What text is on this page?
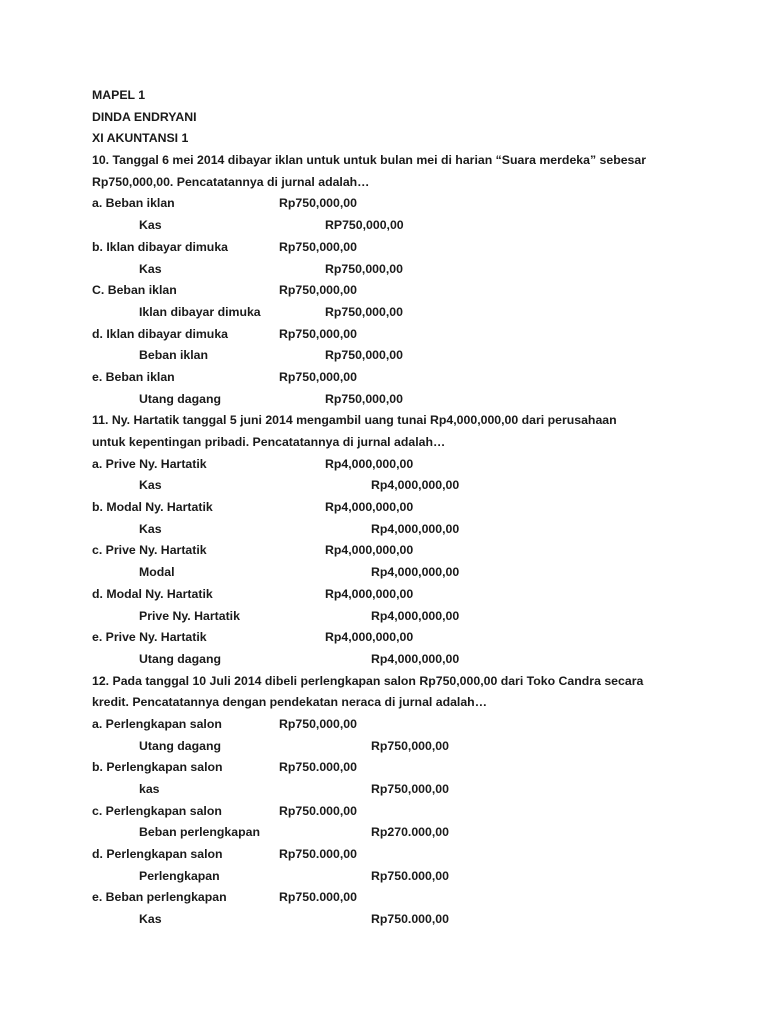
MAPEL 1
DINDA ENDRYANI
XI AKUNTANSI 1
10. Tanggal 6 mei 2014 dibayar iklan untuk untuk bulan mei di harian “Suara merdeka” sebesar
Rp750,000,00. Pencatatannya di jurnal adalah…
a. Beban iklan	Rp750,000,00
Kas	RP750,000,00
b. Iklan dibayar dimuka	Rp750,000,00
Kas	Rp750,000,00
C. Beban iklan	Rp750,000,00
Iklan dibayar dimuka	Rp750,000,00
d. Iklan dibayar dimuka	Rp750,000,00
Beban iklan	Rp750,000,00
e. Beban iklan	Rp750,000,00
Utang dagang	Rp750,000,00
11. Ny. Hartatik tanggal 5 juni 2014 mengambil uang tunai Rp4,000,000,00 dari perusahaan
untuk kepentingan pribadi. Pencatatannya di jurnal adalah…
a. Prive Ny. Hartatik	Rp4,000,000,00
Kas	Rp4,000,000,00
b. Modal Ny. Hartatik	Rp4,000,000,00
Kas	Rp4,000,000,00
c. Prive Ny. Hartatik	Rp4,000,000,00
Modal	Rp4,000,000,00
d. Modal Ny. Hartatik	Rp4,000,000,00
Prive Ny. Hartatik	Rp4,000,000,00
e. Prive Ny. Hartatik	Rp4,000,000,00
Utang dagang	Rp4,000,000,00
12. Pada tanggal 10 Juli 2014 dibeli perlengkapan salon Rp750,000,00 dari Toko Candra secara
kredit. Pencatatannya dengan pendekatan neraca di jurnal adalah…
a. Perlengkapan salon	Rp750,000,00
Utang dagang	Rp750,000,00
b. Perlengkapan salon	Rp750.000,00
kas	Rp750,000,00
c. Perlengkapan salon	Rp750.000,00
Beban perlengkapan	Rp270.000,00
d. Perlengkapan salon	Rp750.000,00
Perlengkapan	Rp750.000,00
e. Beban perlengkapan	Rp750.000,00
Kas	Rp750.000,00
